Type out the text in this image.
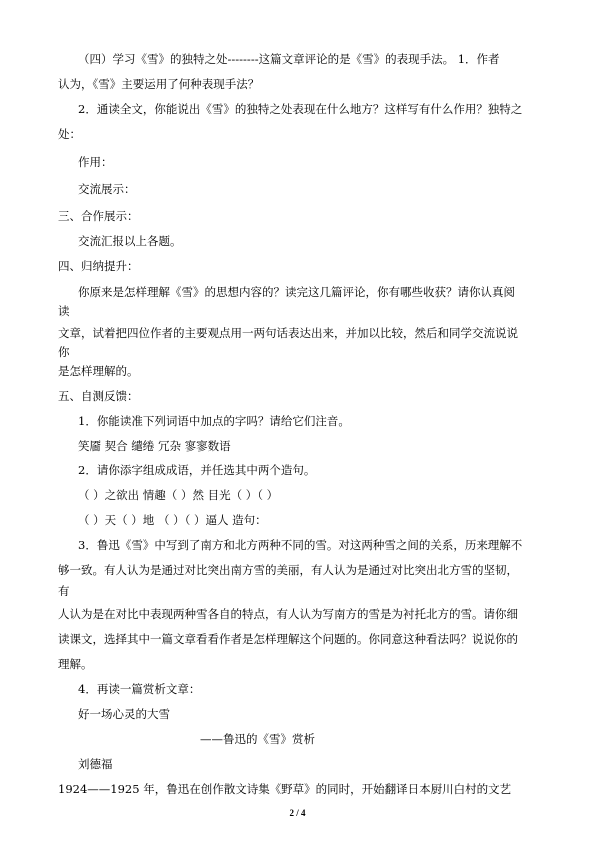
（四）学习《雪》的独特之处--------这篇文章评论的是《雪》的表现手法。 1．作者
认为，《雪》主要运用了何种表现手法？
2．通读全文，你能说出《雪》的独特之处表现在什么地方？这样写有什么作用？独特之
处：
作用：
交流展示：
三、合作展示：
交流汇报以上各题。
四、归纳提升：
你原来是怎样理解《雪》的思想内容的？读完这几篇评论，你有哪些收获？请你认真阅
读
文章，试着把四位作者的主要观点用一两句话表达出来，并加以比较，然后和同学交流说说
你
是怎样理解的。
五、自测反馈：
1．你能读准下列词语中加点的字吗？请给它们注音。
笑靥 契合 缱绻 冗杂 寥寥数语
2．请你添字组成成语，并任选其中两个造句。
（ ）之欲出 情趣（ ）然 目光（ ）（ ）
（ ）天（ ）地 （ ）（ ）逼人 造句：
3．鲁迅《雪》中写到了南方和北方两种不同的雪。对这两种雪之间的关系，历来理解不
够一致。有人认为是通过对比突出南方雪的美丽，有人认为是通过对比突出北方雪的坚韧，
有
人认为是在对比中表现两种雪各自的特点，有人认为写南方的雪是为衬托北方的雪。请你细
读课文，选择其中一篇文章看看作者是怎样理解这个问题的。你同意这种看法吗？说说你的
理解。
4．再读一篇赏析文章：
好一场心灵的大雪
——鲁迅的《雪》赏析
刘德福
1924——1925 年，鲁迅在创作散文诗集《野草》的同时，开始翻译日本厨川白村的文艺
2 / 4
